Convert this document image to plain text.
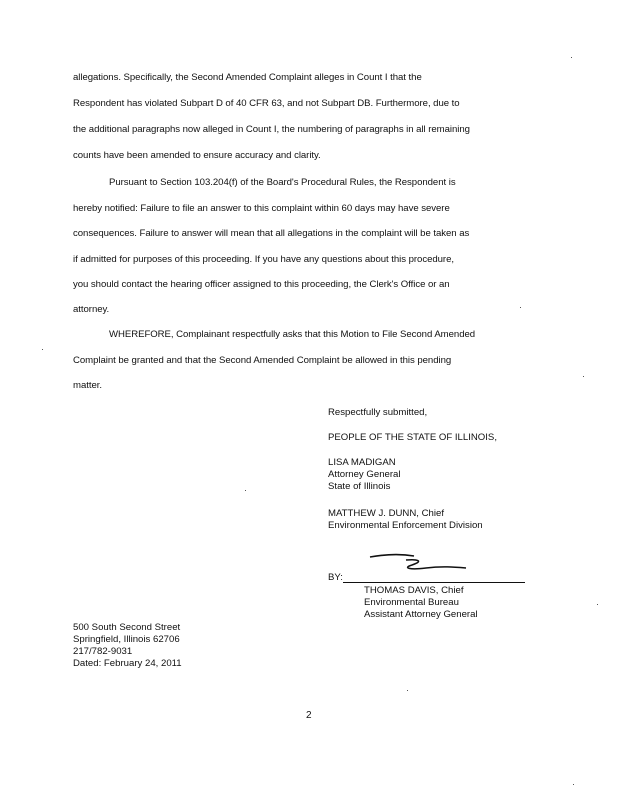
allegations. Specifically, the Second Amended Complaint alleges in Count I that the
Respondent has violated Subpart D of 40 CFR 63, and not Subpart DB. Furthermore, due to
the additional paragraphs now alleged in Count I, the numbering of paragraphs in all remaining
counts have been amended to ensure accuracy and clarity.
Pursuant to Section 103.204(f) of the Board's Procedural Rules, the Respondent is
hereby notified: Failure to file an answer to this complaint within 60 days may have severe
consequences. Failure to answer will mean that all allegations in the complaint will be taken as
if admitted for purposes of this proceeding. If you have any questions about this procedure,
you should contact the hearing officer assigned to this proceeding, the Clerk's Office or an
attorney.
WHEREFORE, Complainant respectfully asks that this Motion to File Second Amended
Complaint be granted and that the Second Amended Complaint be allowed in this pending
matter.
Respectfully submitted,
PEOPLE OF THE STATE OF ILLINOIS,
LISA MADIGAN
Attorney General
State of Illinois
MATTHEW J. DUNN, Chief
Environmental Enforcement Division
BY:
THOMAS DAVIS, Chief
Environmental Bureau
Assistant Attorney General
500 South Second Street
Springfield, Illinois 62706
217/782-9031
Dated: February 24, 2011
2
